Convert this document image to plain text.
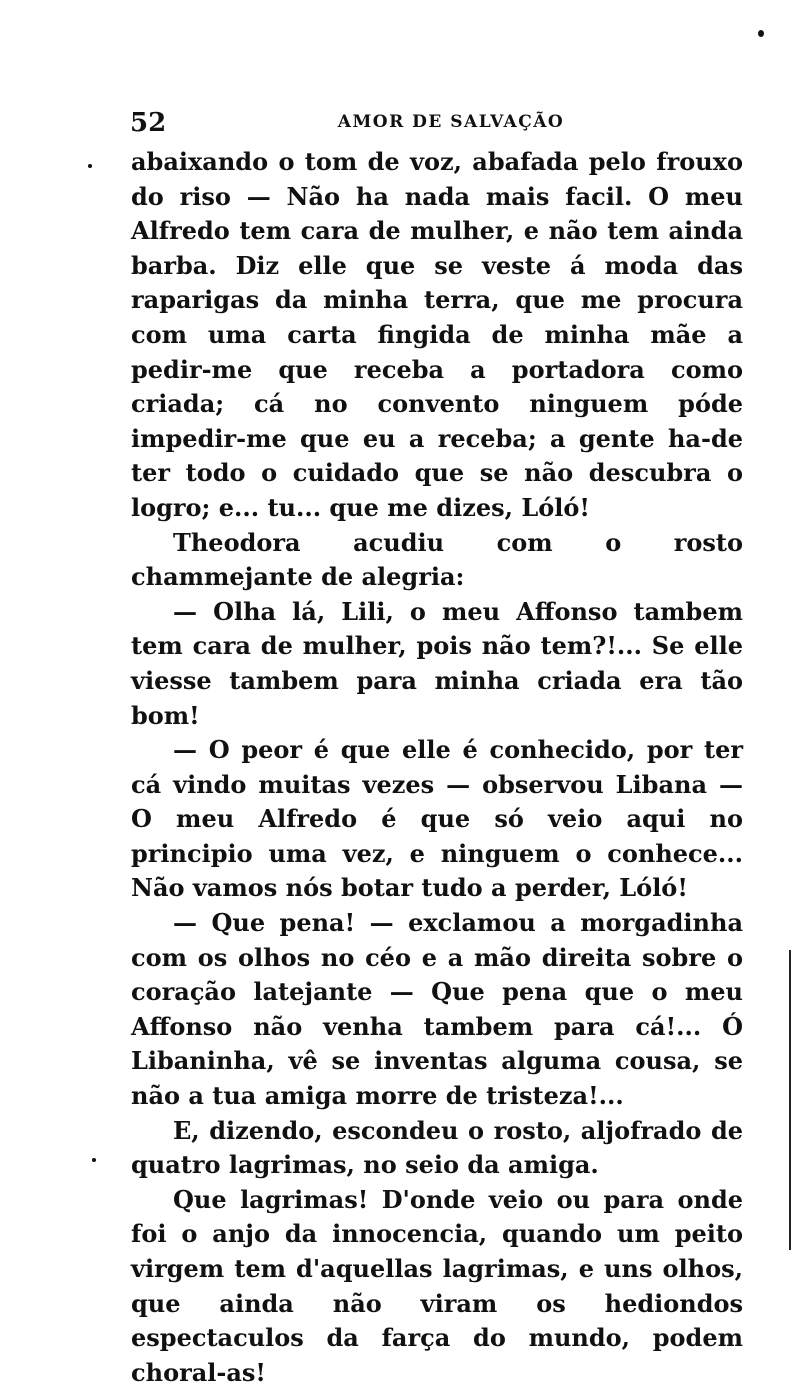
52	AMOR DE SALVAÇÃO

abaixando o tom de voz, abafada pelo frouxo do riso — Não ha nada mais facil. O meu Alfredo tem cara de mulher, e não tem ainda barba. Diz elle que se veste á moda das raparigas da minha terra, que me procura com uma carta fingida de minha mãe a pedir-me que receba a portadora como criada; cá no convento ninguem póde impedir-me que eu a receba; a gente ha-de ter todo o cuidado que se não descubra o logro; e... tu... que me dizes, Lóló!

Theodora acudiu com o rosto chammejante de alegria:

— Olha lá, Lili, o meu Affonso tambem tem cara de mulher, pois não tem?!... Se elle viesse tambem para minha criada era tão bom!

— O peor é que elle é conhecido, por ter cá vindo muitas vezes — observou Libana — O meu Alfredo é que só veio aqui no principio uma vez, e ninguem o conhece... Não vamos nós botar tudo a perder, Lóló!

— Que pena! — exclamou a morgadinha com os olhos no céo e a mão direita sobre o coração latejante — Que pena que o meu Affonso não venha tambem para cá!... Ó Libaninha, vê se inventas alguma cousa, se não a tua amiga morre de tristeza!...

E, dizendo, escondeu o rosto, aljofrado de quatro lagrimas, no seio da amiga.

Que lagrimas! D'onde veio ou para onde foi o anjo da innocencia, quando um peito virgem tem d'aquellas lagrimas, e uns olhos, que ainda não viram os hediondos espectaculos da farça do mundo, podem choral-as!
